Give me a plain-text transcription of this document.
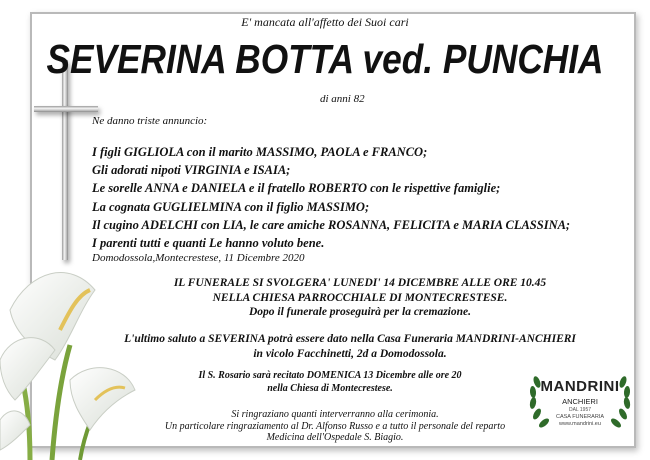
E' mancata all'affetto dei Suoi cari
SEVERINA BOTTA ved. PUNCHIA
di anni 82
Ne danno triste annuncio:
I figli GIGLIOLA con il marito MASSIMO, PAOLA e FRANCO;
Gli adorati nipoti VIRGINIA e ISAIA;
Le sorelle ANNA e DANIELA e il fratello ROBERTO con le rispettive famiglie;
La cognata GUGLIELMINA con il figlio MASSIMO;
Il cugino ADELCHI con LIA, le care amiche ROSANNA, FELICITA e MARIA CLASSINA;
I parenti tutti e quanti Le hanno voluto bene.
Domodossola,Montecrestese, 11 Dicembre 2020
IL FUNERALE SI SVOLGERA' LUNEDI' 14 DICEMBRE ALLE ORE 10.45
NELLA CHIESA PARROCCHIALE DI MONTECRESTESE.
Dopo il funerale proseguirà per la cremazione.
L'ultimo saluto a SEVERINA potrà essere dato nella Casa Funeraria MANDRINI-ANCHIERI
in vicolo Facchinetti, 2d a Domodossola.
Il S. Rosario sarà recitato DOMENICA 13 Dicembre alle ore 20
nella Chiesa di Montecrestese.
Si ringraziano quanti interverranno alla cerimonia.
Un particolare ringraziamento al Dr. Alfonso Russo e a tutto il personale del reparto
Medicina dell'Ospedale S. Biagio.
MANDRINI
ANCHIERI
DAL 1957
CASA FUNERARIA
www.mandrini.eu
